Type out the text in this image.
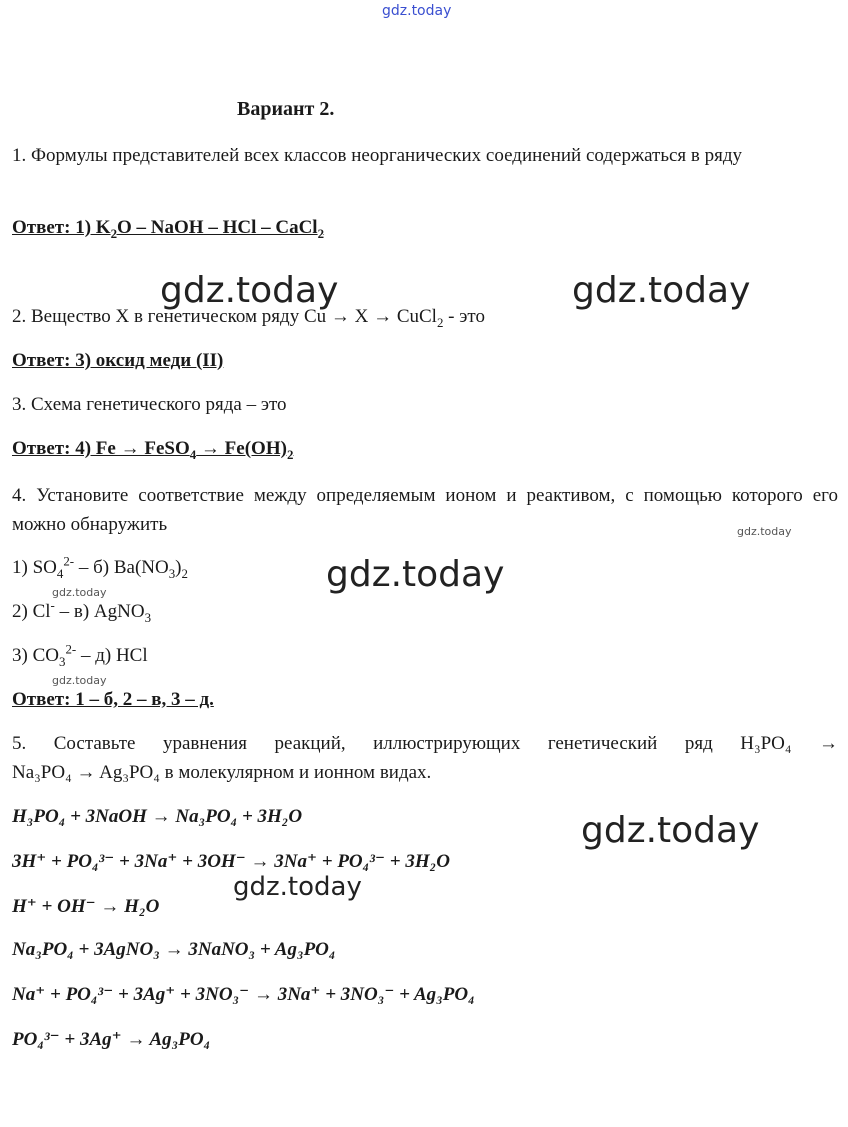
gdz.today
gdz.today	gdz.today
gdz.today
gdz.today
gdz.today
gdz.today
gdz.today
gdz.today
Вариант 2.
1. Формулы представителей всех классов неорганических соединений содержаться в ряду
Ответ: 1) $K_2O$ – NaOH – HCl – CaCl$_2$
2. Вещество X в генетическом ряду Cu → X → CuCl$_2$ - это
Ответ: 3) оксид меди (II)
3. Схема генетического ряда – это
Ответ: 4) Fe → FeSO$_4$ → $Fe(OH)_2$
4. Установите соответствие между определяемым ионом и реактивом, с помощью которого его можно обнаружить
1) $SO_4^{2-} - б$) $Ba(NO_3)_2$
2) Cl- – в) AgNO$_3$
3) $CO_3^{2-} - д$) HCl
Ответ: 1 – б, 2 – в, 3 – д.
5. Составьте уравнения реакций, иллюстрирующих генетический ряд H₃PO₄ →
Na₃PO₄ → Ag₃PO₄ в молекулярном и ионном видах.
H₃PO₄ + 3NaOH → Na₃PO₄ + 3H₂O
3H⁺ + PO₄³⁻ + 3Na⁺ + 3OH⁻ → 3Na⁺ + PO₄³⁻ + 3H₂O
H⁺ + OH⁻ → H₂O
Na₃PO₄ + 3AgNO₃ → 3NaNO₃ + Ag₃PO₄
Na⁺ + PO₄³⁻ + 3Ag⁺ + 3NO₃⁻ → 3Na⁺ + 3NO₃⁻ + Ag₃PO₄
PO₄³⁻ + 3Ag⁺ → Ag₃PO₄
